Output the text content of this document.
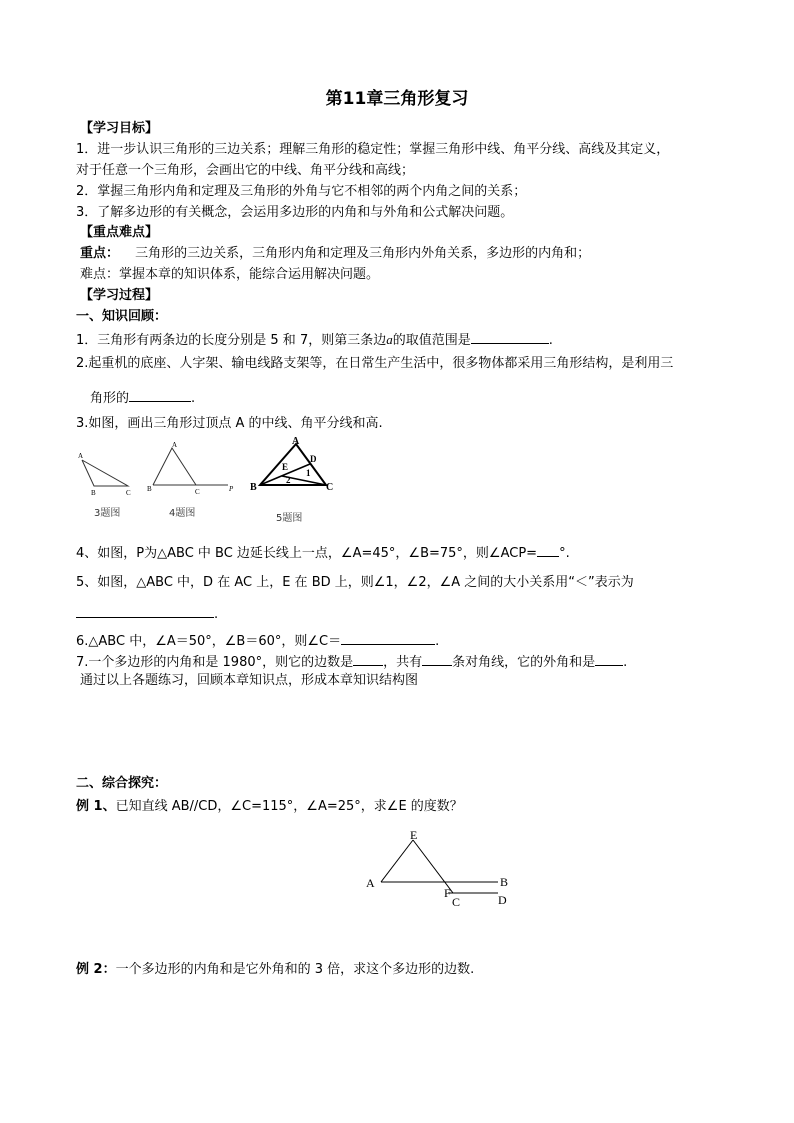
第11章三角形复习
【学习目标】
1．进一步认识三角形的三边关系；理解三角形的稳定性；掌握三角形中线、角平分线、高线及其定义，
对于任意一个三角形，会画出它的中线、角平分线和高线；
2．掌握三角形内角和定理及三角形的外角与它不相邻的两个内角之间的关系；
3．了解多边形的有关概念，会运用多边形的内角和与外角和公式解决问题。
【重点难点】
重点： 三角形的三边关系，三角形内角和定理及三角形内外角关系，多边形的内角和；
难点：掌握本章的知识体系，能综合运用解决问题。
【学习过程】
一、知识回顾：
1．三角形有两条边的长度分别是 5 和 7，则第三条边a的取值范围是	.
2.起重机的底座、人字架、输电线路支架等，在日常生产生活中，很多物体都采用三角形结构，是利用三
角形的	.
3.如图，画出三角形过顶点 A 的中线、角平分线和高.
A
B	C
3题图
A
B	C	P
4题图
A
B	C
D
E
1
2
5题图
4、如图，P为△ABC 中 BC 边延长线上一点，∠A=45°，∠B=75°，则∠ACP= °.
5、如图，△ABC 中，D 在 AC 上，E 在 BD 上，则∠1，∠2，∠A 之间的大小关系用“＜”表示为
.
6.△ABC 中，∠A＝50°，∠B＝60°，则∠C＝	.
7.一个多边形的内角和是 1980°，则它的边数是 ，共有 条对角线，它的外角和是 .
通过以上各题练习，回顾本章知识点，形成本章知识结构图
二、综合探究：
例 1、已知直线 AB//CD，∠C=115°，∠A=25°，求∠E 的度数？
E
A	B
F
C	D
例 2：一个多边形的内角和是它外角和的 3 倍，求这个多边形的边数.
